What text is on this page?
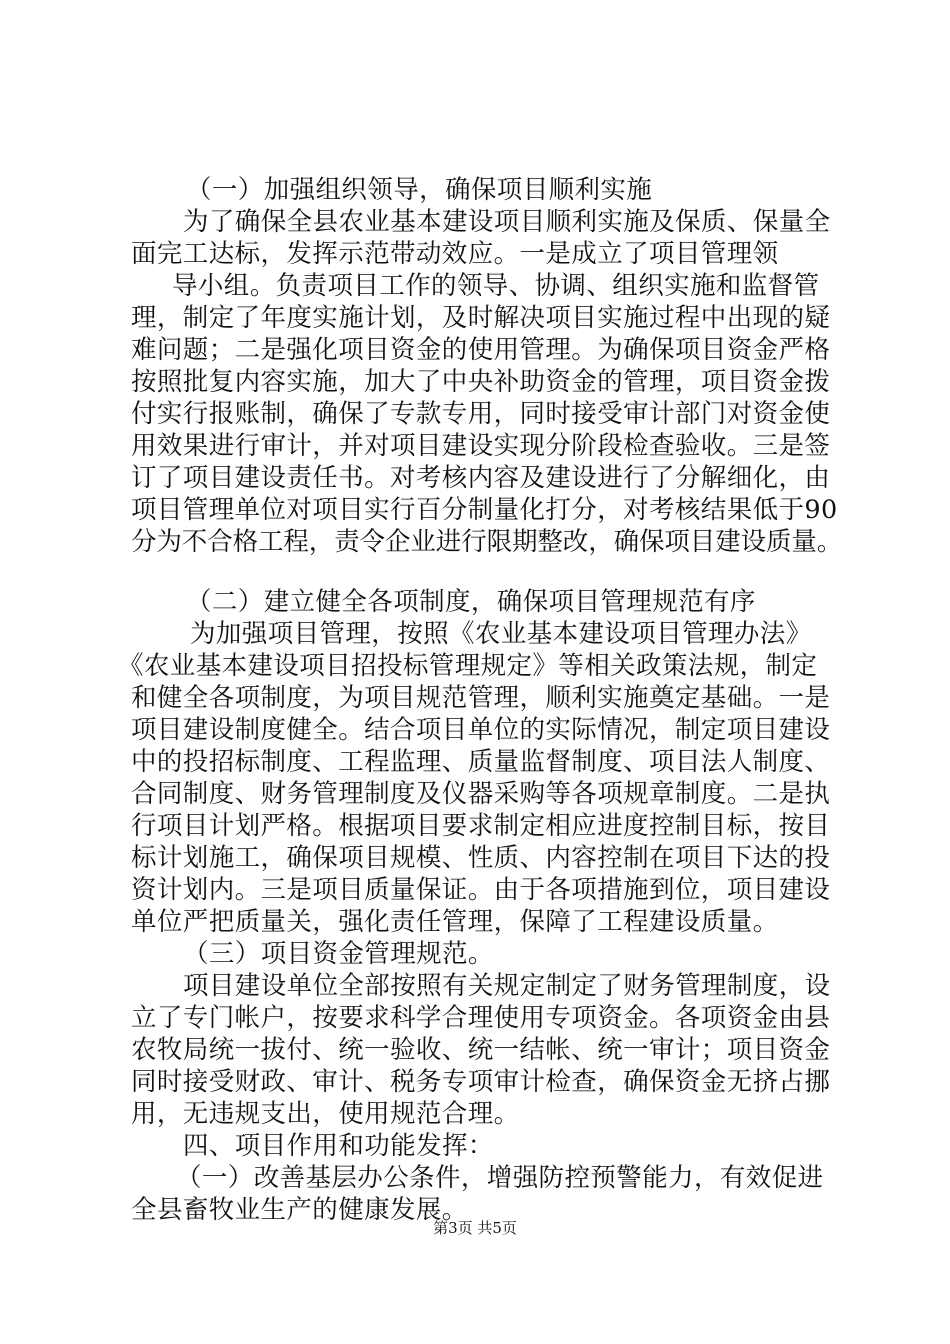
（一）加强组织领导，确保项目顺利实施
为了确保全县农业基本建设项目顺利实施及保质、保量全
面完工达标，发挥示范带动效应。一是成立了项目管理领
导小组。负责项目工作的领导、协调、组织实施和监督管
理，制定了年度实施计划，及时解决项目实施过程中出现的疑
难问题；二是强化项目资金的使用管理。为确保项目资金严格
按照批复内容实施，加大了中央补助资金的管理，项目资金拨
付实行报账制，确保了专款专用，同时接受审计部门对资金使
用效果进行审计，并对项目建设实现分阶段检查验收。三是签
订了项目建设责任书。对考核内容及建设进行了分解细化，由
项目管理单位对项目实行百分制量化打分，对考核结果低于90
分为不合格工程，责令企业进行限期整改，确保项目建设质量。
（二）建立健全各项制度，确保项目管理规范有序
为加强项目管理，按照《农业基本建设项目管理办法》
《农业基本建设项目招投标管理规定》等相关政策法规，制定
和健全各项制度，为项目规范管理，顺利实施奠定基础。一是
项目建设制度健全。结合项目单位的实际情况，制定项目建设
中的投招标制度、工程监理、质量监督制度、项目法人制度、
合同制度、财务管理制度及仪器采购等各项规章制度。二是执
行项目计划严格。根据项目要求制定相应进度控制目标，按目
标计划施工，确保项目规模、性质、内容控制在项目下达的投
资计划内。三是项目质量保证。由于各项措施到位，项目建设
单位严把质量关，强化责任管理，保障了工程建设质量。
（三）项目资金管理规范。
项目建设单位全部按照有关规定制定了财务管理制度，设
立了专门帐户，按要求科学合理使用专项资金。各项资金由县
农牧局统一拔付、统一验收、统一结帐、统一审计；项目资金
同时接受财政、审计、税务专项审计检查，确保资金无挤占挪
用，无违规支出，使用规范合理。
四、项目作用和功能发挥：
（一）改善基层办公条件，增强防控预警能力，有效促进
全县畜牧业生产的健康发展。
第3页 共5页
